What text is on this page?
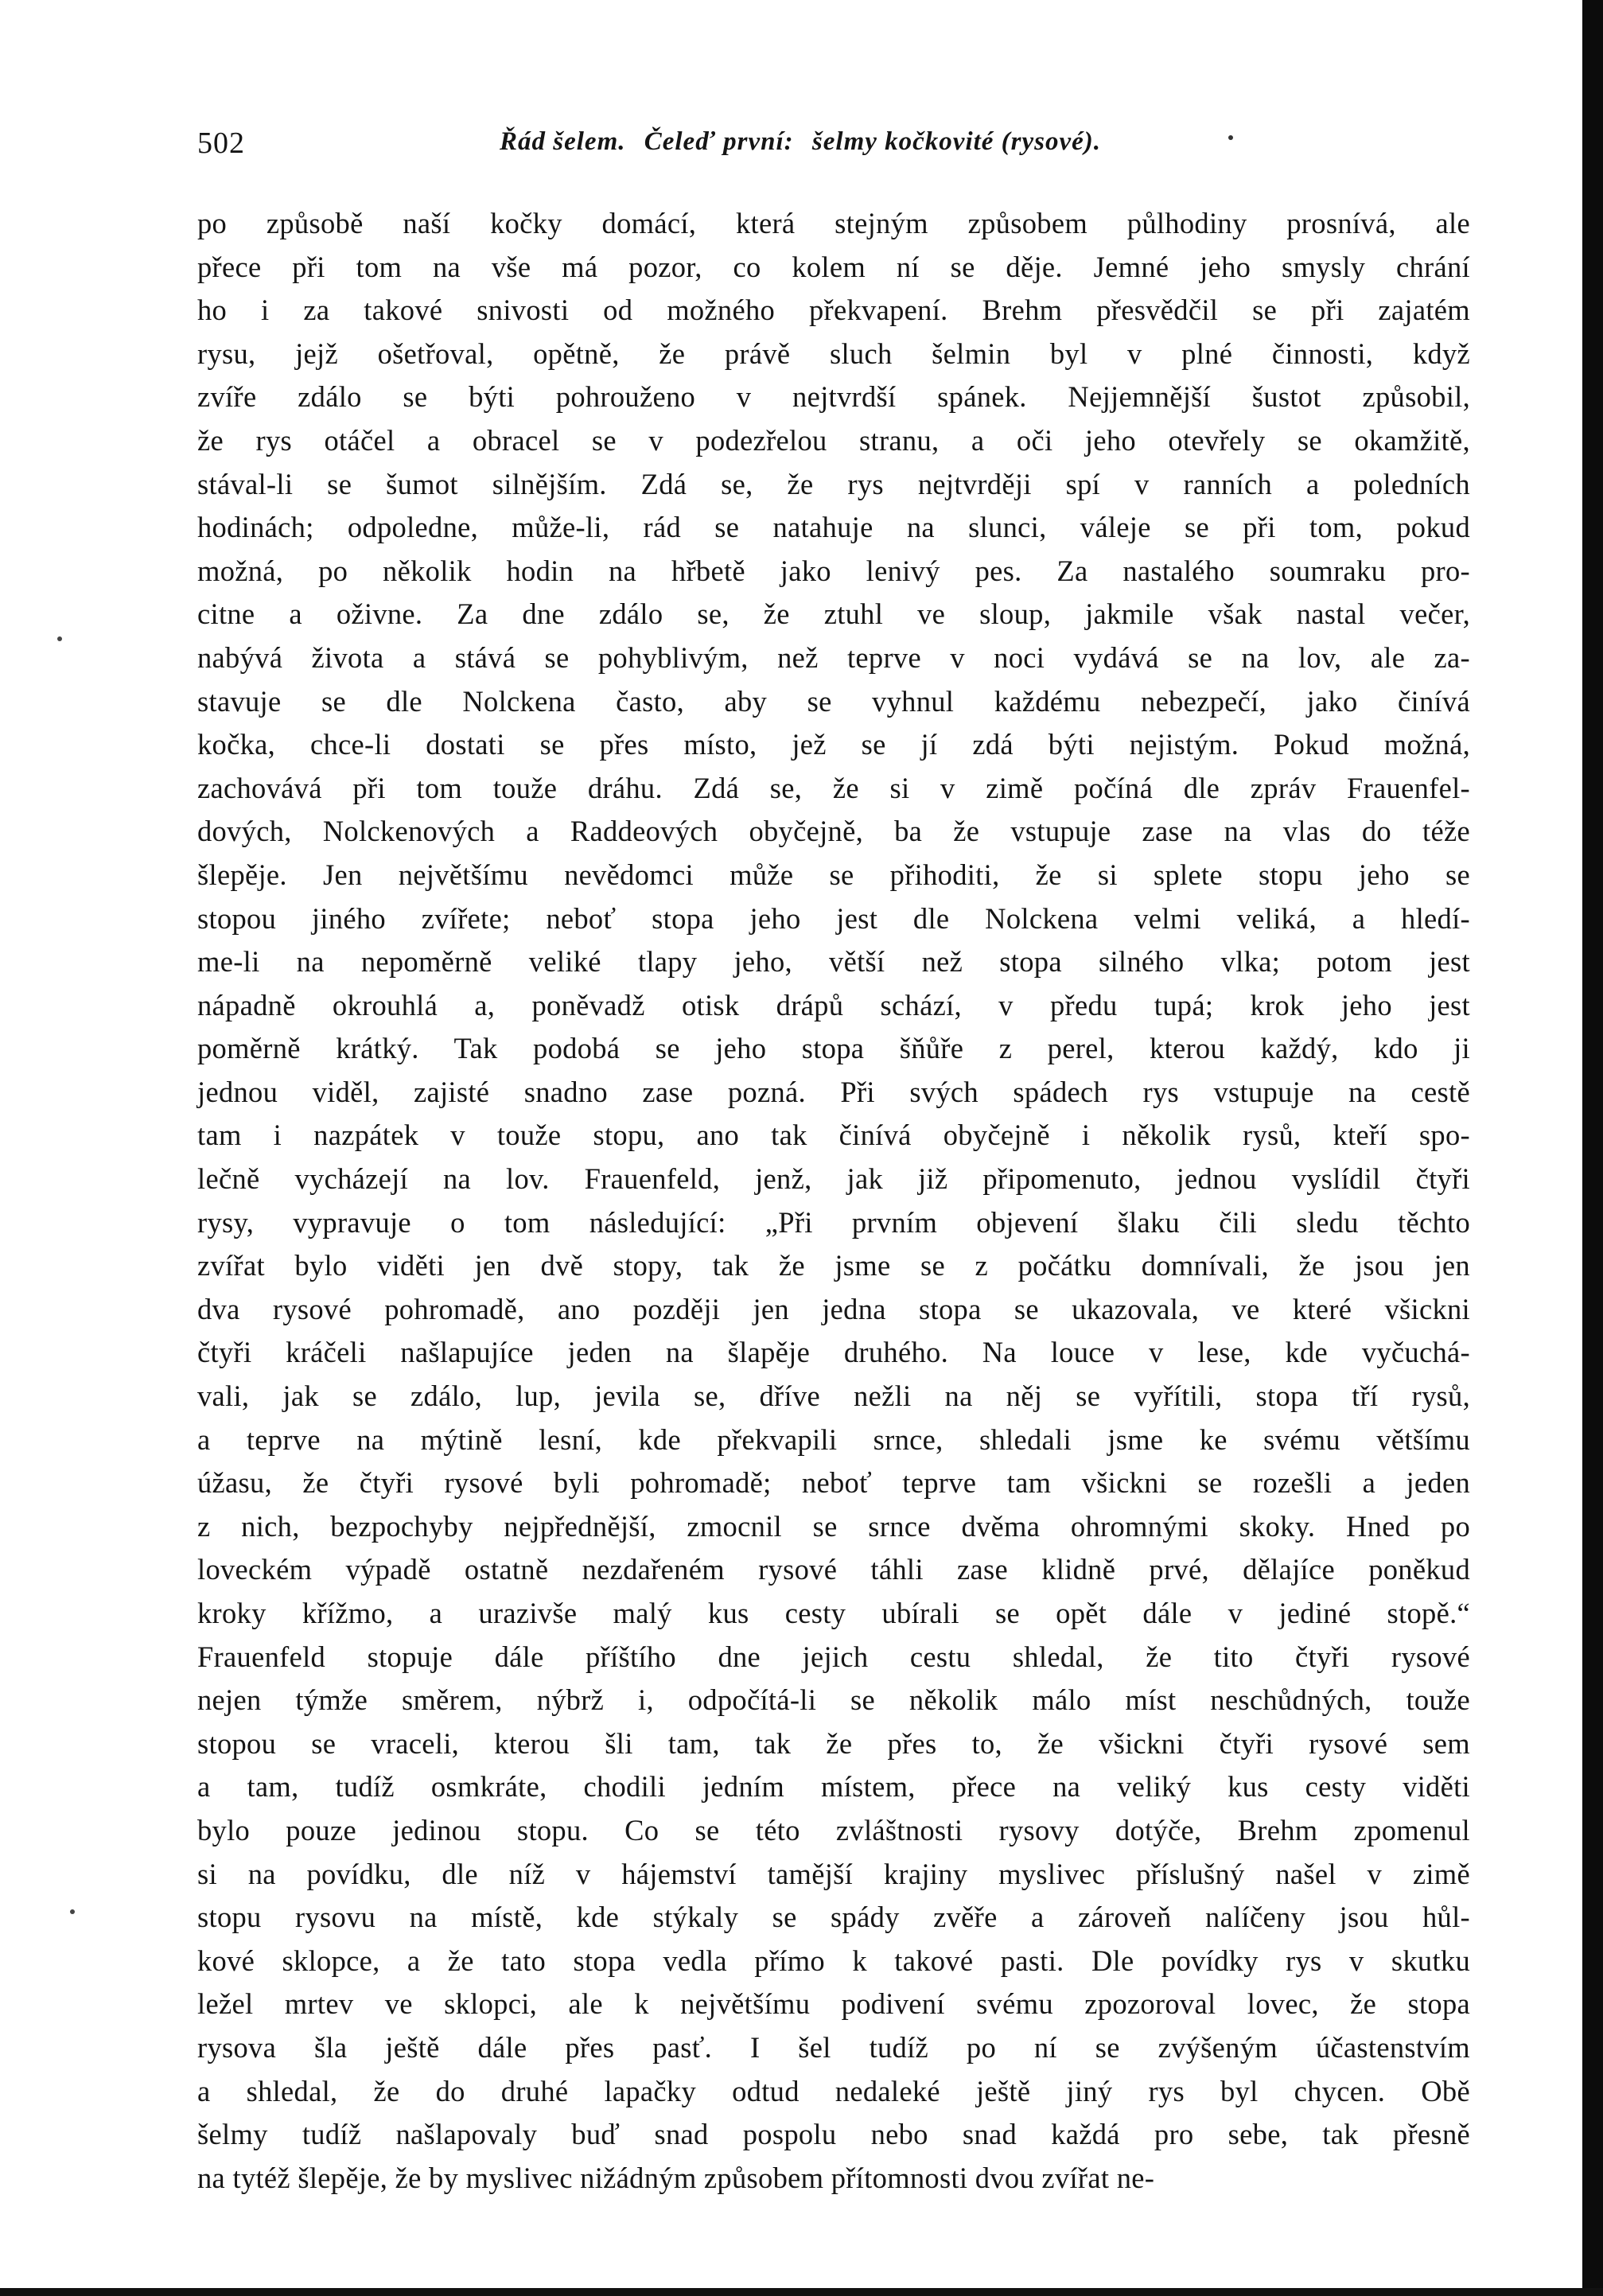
502	Řád šelem. Čeleď první: šelmy kočkovité (rysové).
po způsobě naší kočky domácí, která stejným způsobem půlhodiny prosnívá, ale
přece při tom na vše má pozor, co kolem ní se děje. Jemné jeho smysly chrání
ho i za takové snivosti od možného překvapení. Brehm přesvědčil se při zajatém
rysu, jejž ošetřoval, opětně, že právě sluch šelmin byl v plné činnosti, když
zvíře zdálo se býti pohrouženo v nejtvrdší spánek. Nejjemnější šustot způsobil,
že rys otáčel a obracel se v podezřelou stranu, a oči jeho otevřely se okamžitě,
stával-li se šumot silnějším. Zdá se, že rys nejtvrději spí v ranních a poledních
hodinách; odpoledne, může-li, rád se natahuje na slunci, váleje se při tom, pokud
možná, po několik hodin na hřbetě jako lenivý pes. Za nastalého soumraku pro-
citne a oživne. Za dne zdálo se, že ztuhl ve sloup, jakmile však nastal večer,
nabývá života a stává se pohyblivým, než teprve v noci vydává se na lov, ale za-
stavuje se dle Nolckena často, aby se vyhnul každému nebezpečí, jako činívá
kočka, chce-li dostati se přes místo, jež se jí zdá býti nejistým. Pokud možná,
zachovává při tom touže dráhu. Zdá se, že si v zimě počíná dle zpráv Frauenfel-
dových, Nolckenových a Raddeových obyčejně, ba že vstupuje zase na vlas do téže
šlepěje. Jen největšímu nevědomci může se přihoditi, že si splete stopu jeho se
stopou jiného zvířete; neboť stopa jeho jest dle Nolckena velmi veliká, a hledí-
me-li na nepoměrně veliké tlapy jeho, větší než stopa silného vlka; potom jest
nápadně okrouhlá a, poněvadž otisk drápů schází, v předu tupá; krok jeho jest
poměrně krátký. Tak podobá se jeho stopa šňůře z perel, kterou každý, kdo ji
jednou viděl, zajisté snadno zase pozná. Při svých spádech rys vstupuje na cestě
tam i nazpátek v touže stopu, ano tak činívá obyčejně i několik rysů, kteří spo-
lečně vycházejí na lov. Frauenfeld, jenž, jak již připomenuto, jednou vyslídil čtyři
rysy, vypravuje o tom následující: „Při prvním objevení šlaku čili sledu těchto
zvířat bylo viděti jen dvě stopy, tak že jsme se z počátku domnívali, že jsou jen
dva rysové pohromadě, ano později jen jedna stopa se ukazovala, ve které všickni
čtyři kráčeli našlapujíce jeden na šlapěje druhého. Na louce v lese, kde vyčuchá-
vali, jak se zdálo, lup, jevila se, dříve nežli na něj se vyřítili, stopa tří rysů,
a teprve na mýtině lesní, kde překvapili srnce, shledali jsme ke svému většímu
úžasu, že čtyři rysové byli pohromadě; neboť teprve tam všickni se rozešli a jeden
z nich, bezpochyby nejpřednější, zmocnil se srnce dvěma ohromnými skoky. Hned po
loveckém výpadě ostatně nezdařeném rysové táhli zase klidně prvé, dělajíce poněkud
kroky křížmo, a urazivše malý kus cesty ubírali se opět dále v jediné stopě.“
Frauenfeld stopuje dále příštího dne jejich cestu shledal, že tito čtyři rysové
nejen týmže směrem, nýbrž i, odpočítá-li se několik málo míst neschůdných, touže
stopou se vraceli, kterou šli tam, tak že přes to, že všickni čtyři rysové sem
a tam, tudíž osmkráte, chodili jedním místem, přece na veliký kus cesty viděti
bylo pouze jedinou stopu. Co se této zvláštnosti rysovy dotýče, Brehm zpomenul
si na povídku, dle níž v hájemství tamější krajiny myslivec příslušný našel v zimě
stopu rysovu na místě, kde stýkaly se spády zvěře a zároveň nalíčeny jsou hůl-
kové sklopce, a že tato stopa vedla přímo k takové pasti. Dle povídky rys v skutku
ležel mrtev ve sklopci, ale k největšímu podivení svému zpozoroval lovec, že stopa
rysova šla ještě dále přes pasť. I šel tudíž po ní se zvýšeným účastenstvím
a shledal, že do druhé lapačky odtud nedaleké ještě jiný rys byl chycen. Obě
šelmy tudíž našlapovaly buď snad pospolu nebo snad každá pro sebe, tak přesně
na tytéž šlepěje, že by myslivec nižádným způsobem přítomnosti dvou zvířat ne-
